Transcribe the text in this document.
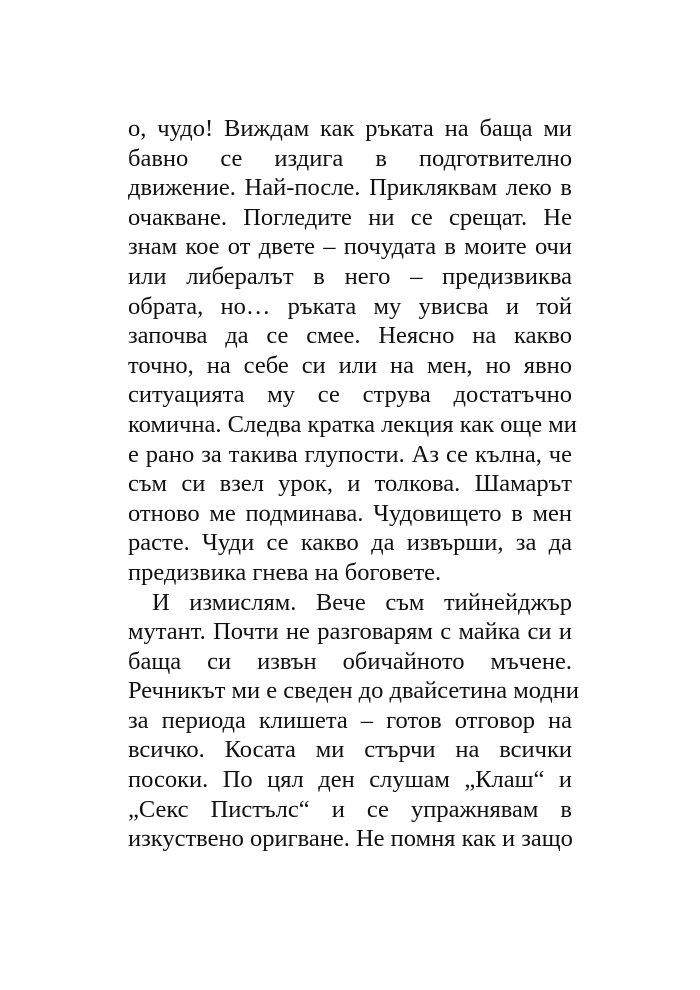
о, чудо! Виждам как ръката на баща ми
бавно се издига в подготвително
движение. Най-после. Прикляквам леко в
очакване. Погледите ни се срещат. Не
знам кое от двете – почудата в моите очи
или либералът в него – предизвиква
обрата, но… ръката му увисва и той
започва да се смее. Неясно на какво
точно, на себе си или на мен, но явно
ситуацията му се струва достатъчно
комична. Следва кратка лекция как още ми
е рано за такива глупости. Аз се кълна, че
съм си взел урок, и толкова. Шамарът
отново ме подминава. Чудовището в мен
расте. Чуди се какво да извърши, за да
предизвика гнева на боговете.
И измислям. Вече съм тийнейджър
мутант. Почти не разговарям с майка си и
баща си извън обичайното мъчене.
Речникът ми е сведен до двайсетина модни
за периода клишета – готов отговор на
всичко. Косата ми стърчи на всички
посоки. По цял ден слушам „Клаш“ и
„Секс Пистълс“ и се упражнявам в
изкуствено оригване. Не помня как и защо
